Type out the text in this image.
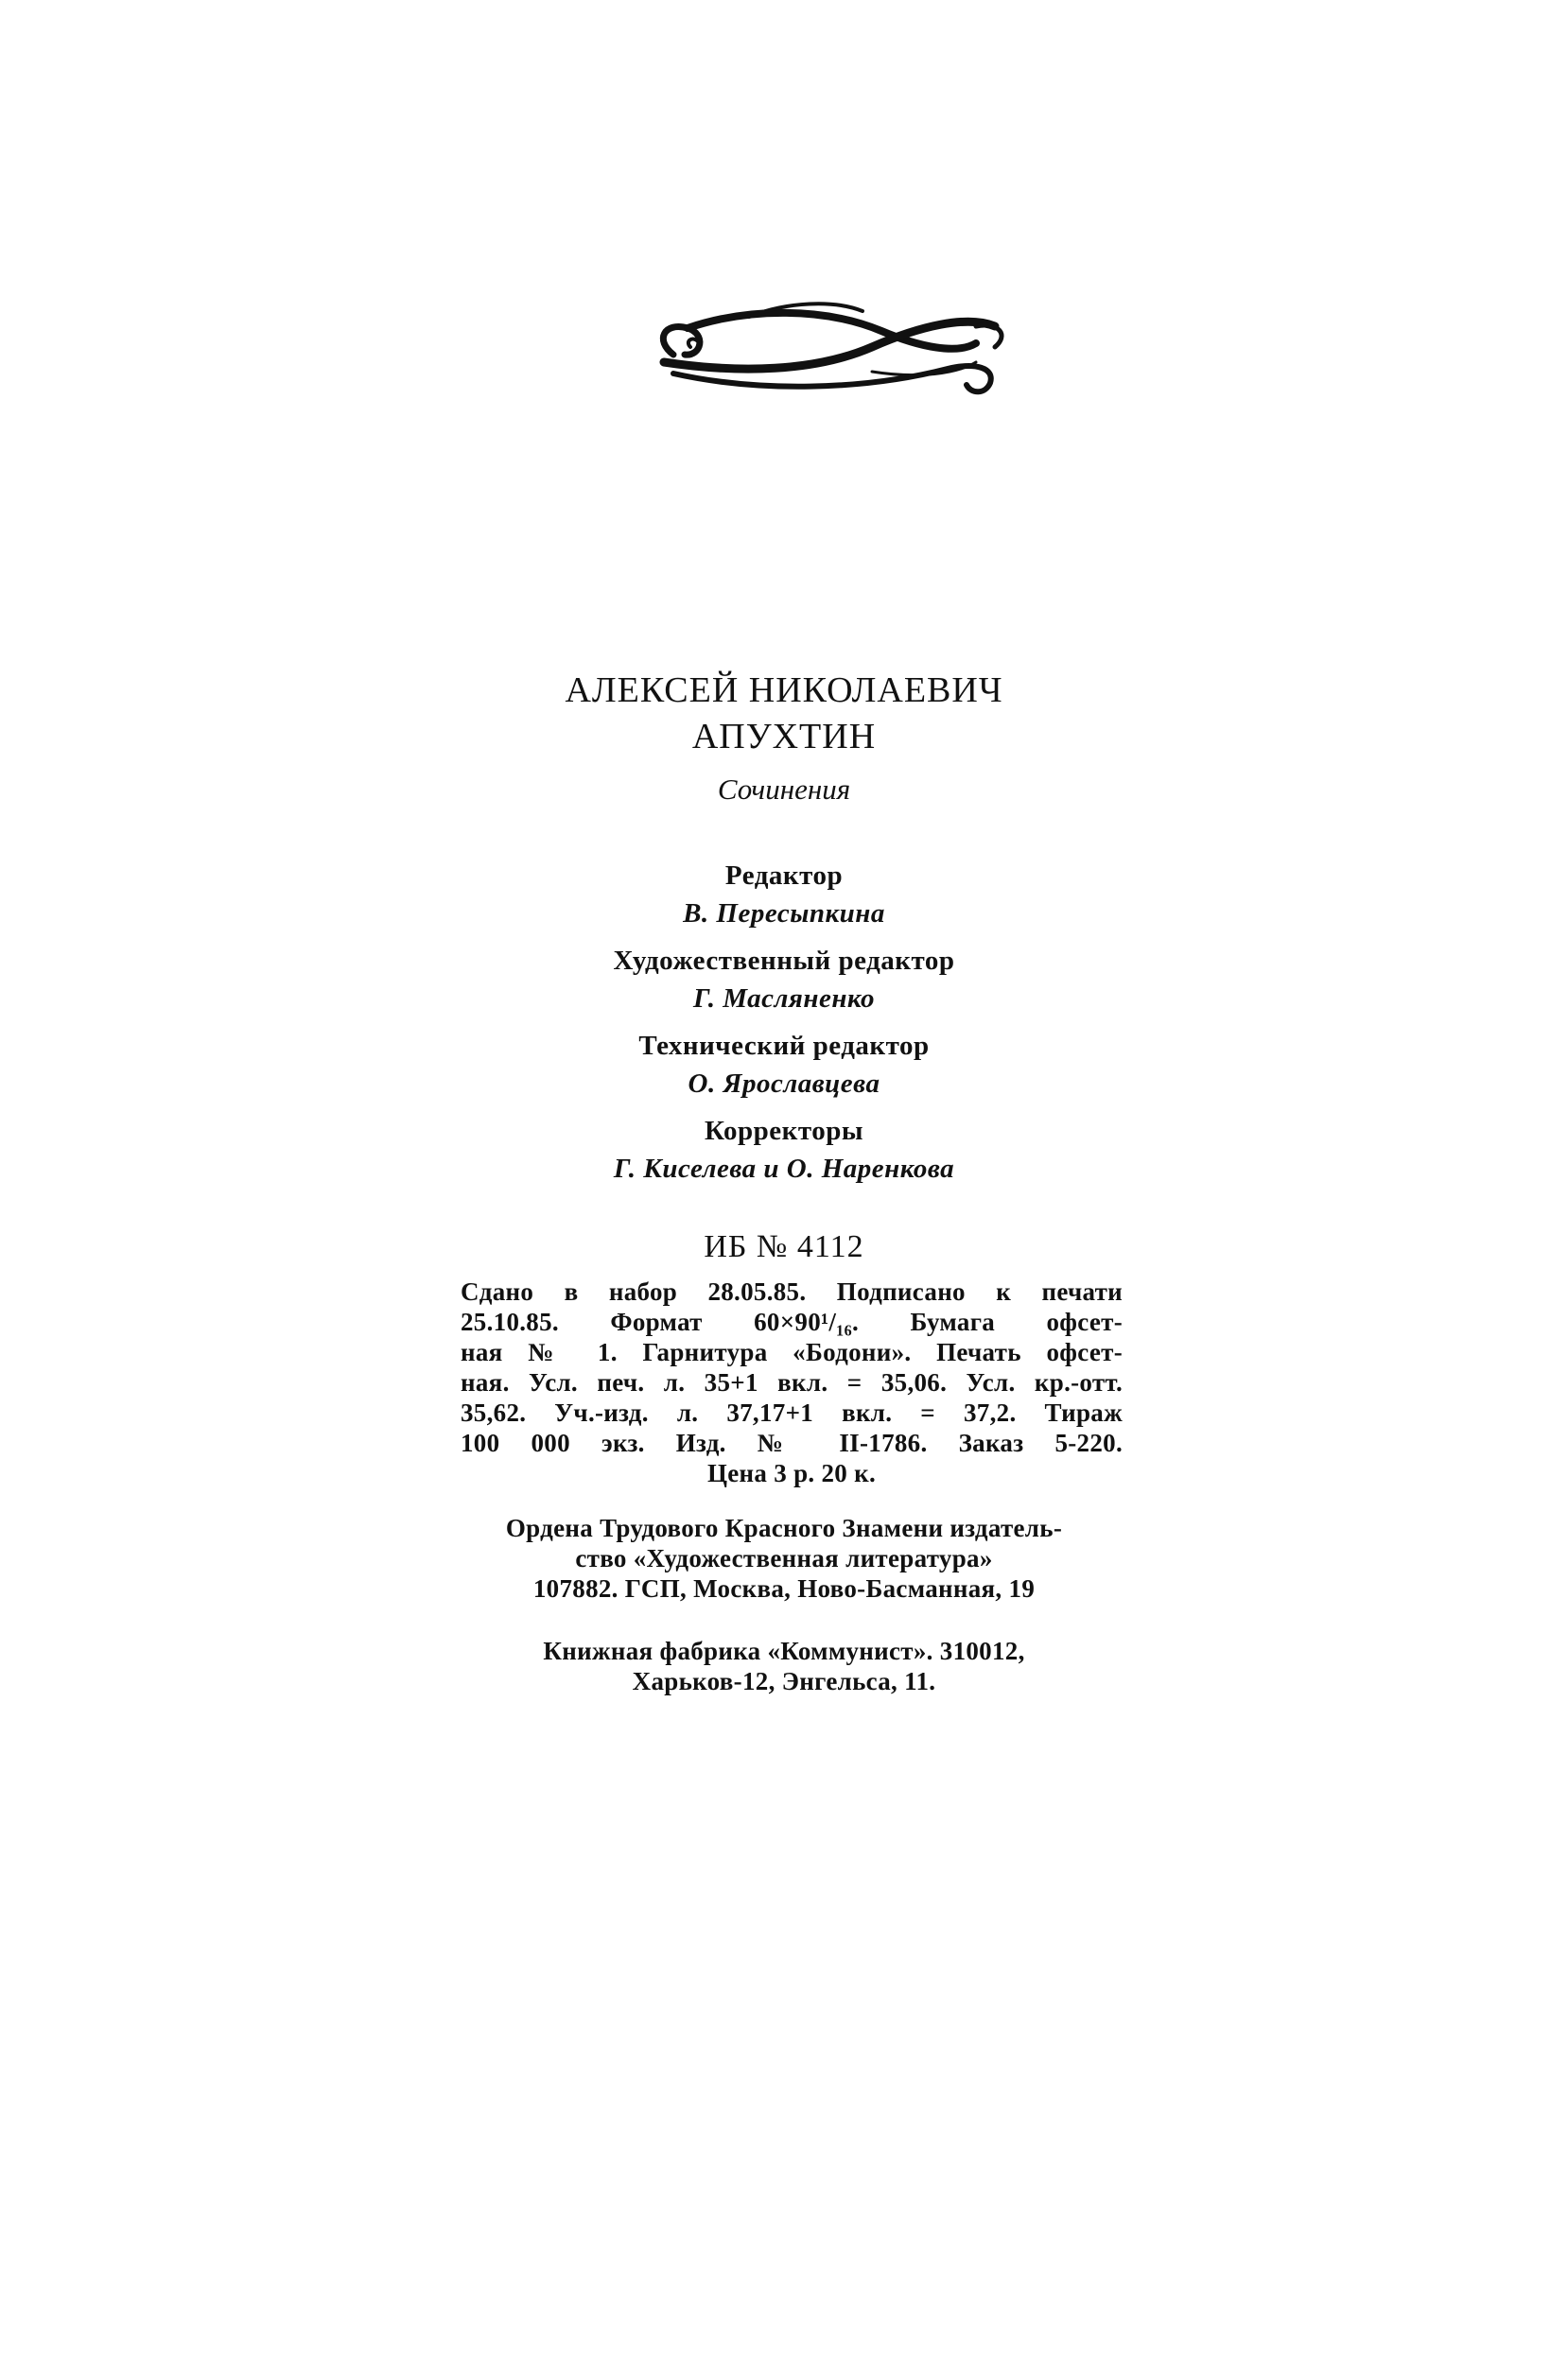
АЛЕКСЕЙ НИКОЛАЕВИЧ
АПУХТИН
Сочинения
Редактор
В. Пересыпкина
Художественный редактор
Г. Масляненко
Технический редактор
О. Ярославцева
Корректоры
Г. Киселева и О. Наренкова
ИБ № 4112
Сдано в набор 28.05.85. Подписано к печати
25.10.85. Формат 60×90¹/₁₆. Бумага офсет-
ная № 1. Гарнитура «Бодони». Печать офсет-
ная. Усл. печ. л. 35+1 вкл. = 35,06. Усл. кр.-отт.
35,62. Уч.-изд. л. 37,17+1 вкл. = 37,2. Тираж
100 000 экз. Изд. № II-1786. Заказ 5-220.
Цена 3 р. 20 к.
Ордена Трудового Красного Знамени издатель-
ство «Художественная литература»
107882. ГСП, Москва, Ново-Басманная, 19
Книжная фабрика «Коммунист». 310012,
Харьков-12, Энгельса, 11.
